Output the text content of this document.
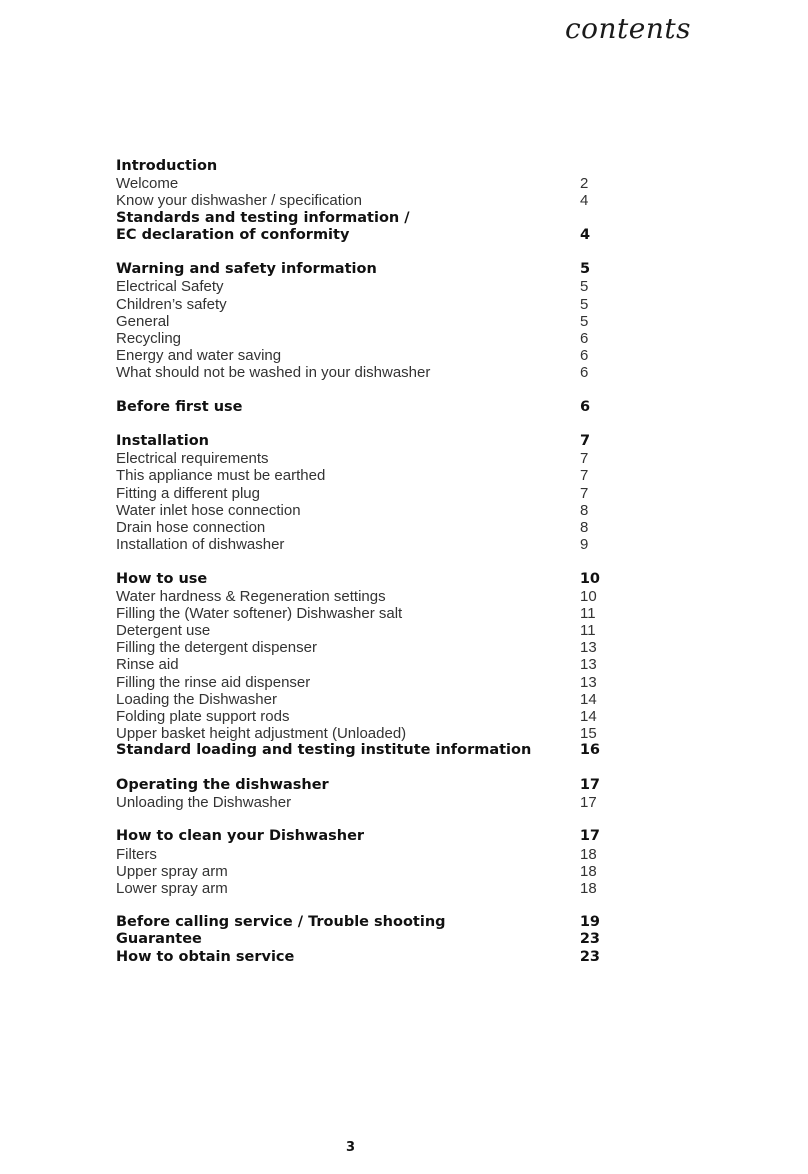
contents
Introduction
Welcome	2
Know your dishwasher / specification	4
Standards and testing information /
EC declaration of conformity	4
Warning and safety information	5
Electrical Safety	5
Children’s safety	5
General	5
Recycling	6
Energy and water saving	6
What should not be washed in your dishwasher	6
Before first use	6
Installation	7
Electrical requirements	7
This appliance must be earthed	7
Fitting a different plug	7
Water inlet hose connection	8
Drain hose connection	8
Installation of dishwasher	9
How to use	10
Water hardness & Regeneration settings	10
Filling the (Water softener) Dishwasher salt	11
Detergent use	11
Filling the detergent dispenser	13
Rinse aid	13
Filling the rinse aid dispenser	13
Loading the Dishwasher	14
Folding plate support rods	14
Upper basket height adjustment (Unloaded)	15
Standard loading and testing institute information	16
Operating the dishwasher	17
Unloading the Dishwasher	17
How to clean your Dishwasher	17
Filters	18
Upper spray arm	18
Lower spray arm	18
Before calling service / Trouble shooting	19
Guarantee	23
How to obtain service	23
3
